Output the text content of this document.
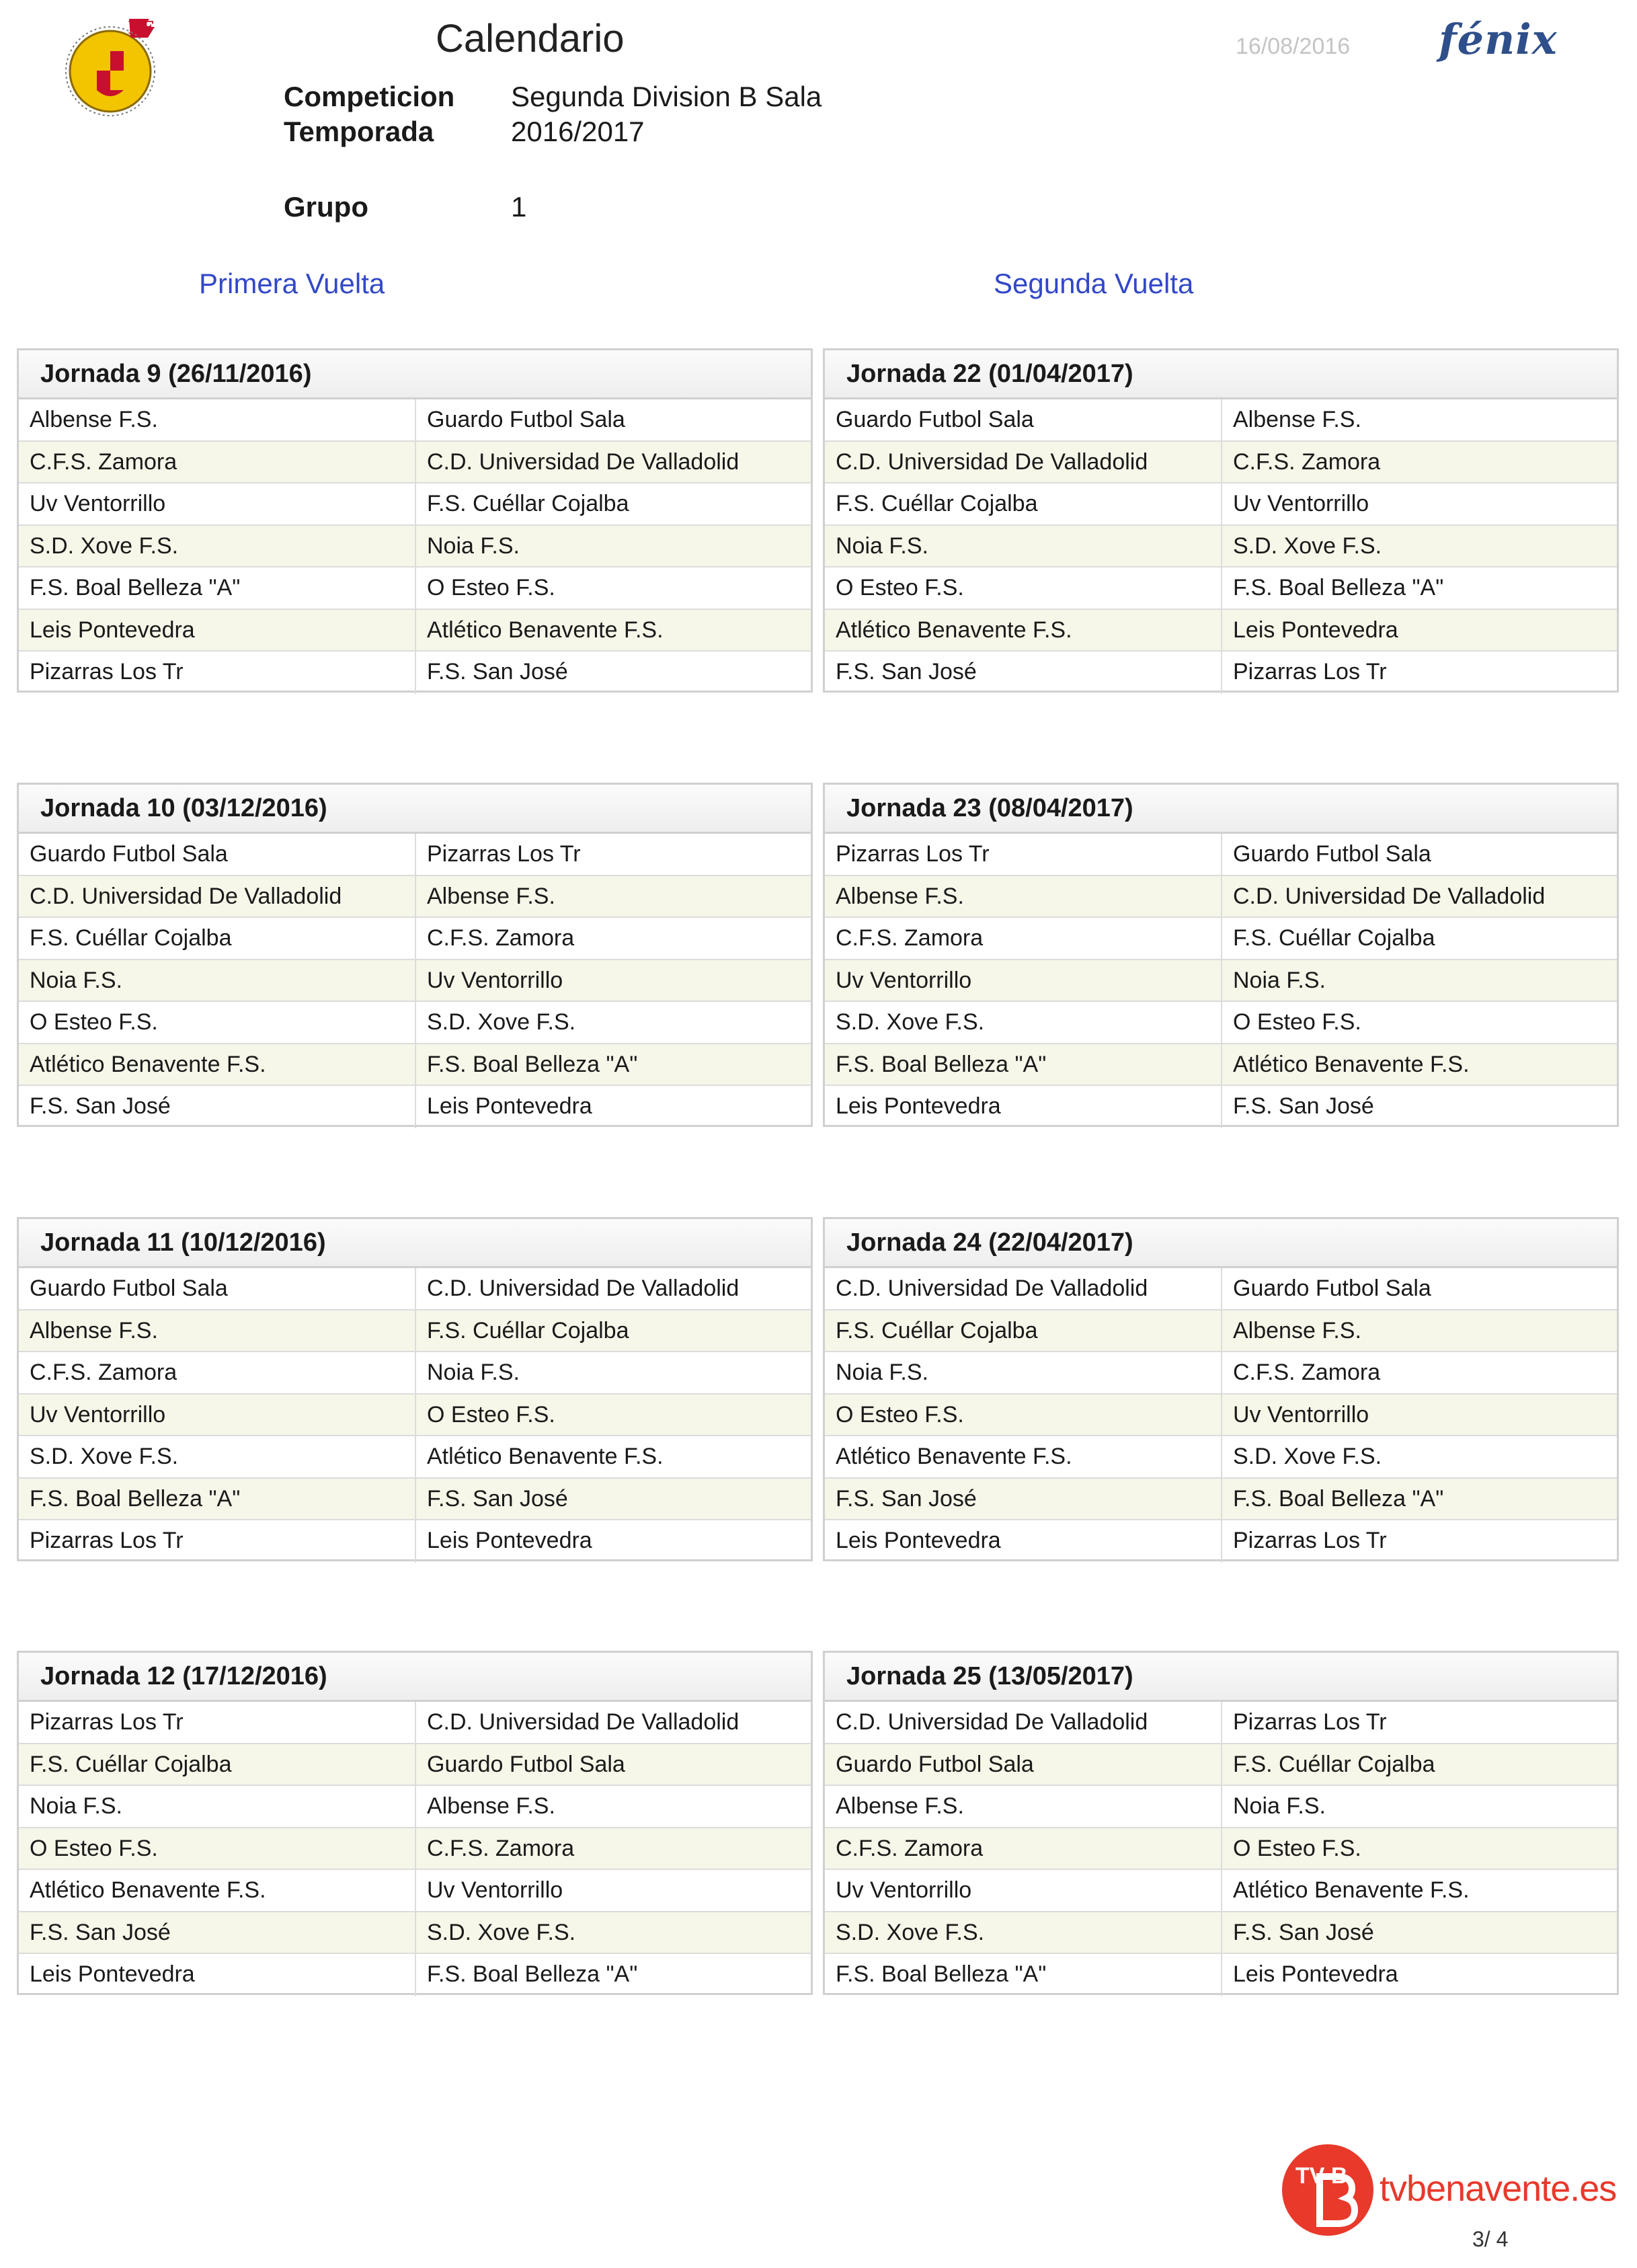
EF	Calendario	16/08/2016 fénix
Competicion Segunda Division B Sala
Temporada	2016/2017
Grupo	1
Primera Vuelta	Segunda Vuelta
Jornada 9 (26/11/2016)
Albense F.S.	Guardo Futbol Sala
C.F.S. Zamora	C.D. Universidad De Valladolid
Uv Ventorrillo	F.S. Cuéllar Cojalba
S.D. Xove F.S.	Noia F.S.
F.S. Boal Belleza "A"	O Esteo F.S.
Leis Pontevedra	Atlético Benavente F.S.
Pizarras Los Tr	F.S. San José
Jornada 22 (01/04/2017)
Guardo Futbol Sala	Albense F.S.
C.D. Universidad De Valladolid	C.F.S. Zamora
F.S. Cuéllar Cojalba	Uv Ventorrillo
Noia F.S.	S.D. Xove F.S.
O Esteo F.S.	F.S. Boal Belleza "A"
Atlético Benavente F.S.	Leis Pontevedra
F.S. San José	Pizarras Los Tr
Jornada 10 (03/12/2016)
Guardo Futbol Sala	Pizarras Los Tr
C.D. Universidad De Valladolid	Albense F.S.
F.S. Cuéllar Cojalba	C.F.S. Zamora
Noia F.S.	Uv Ventorrillo
O Esteo F.S.	S.D. Xove F.S.
Atlético Benavente F.S.	F.S. Boal Belleza "A"
F.S. San José	Leis Pontevedra
Jornada 23 (08/04/2017)
Pizarras Los Tr	Guardo Futbol Sala
Albense F.S.	C.D. Universidad De Valladolid
C.F.S. Zamora	F.S. Cuéllar Cojalba
Uv Ventorrillo	Noia F.S.
S.D. Xove F.S.	O Esteo F.S.
F.S. Boal Belleza "A"	Atlético Benavente F.S.
Leis Pontevedra	F.S. San José
Jornada 11 (10/12/2016)
Guardo Futbol Sala	C.D. Universidad De Valladolid
Albense F.S.	F.S. Cuéllar Cojalba
C.F.S. Zamora	Noia F.S.
Uv Ventorrillo	O Esteo F.S.
S.D. Xove F.S.	Atlético Benavente F.S.
F.S. Boal Belleza "A"	F.S. San José
Pizarras Los Tr	Leis Pontevedra
Jornada 24 (22/04/2017)
C.D. Universidad De Valladolid	Guardo Futbol Sala
F.S. Cuéllar Cojalba	Albense F.S.
Noia F.S.	C.F.S. Zamora
O Esteo F.S.	Uv Ventorrillo
Atlético Benavente F.S.	S.D. Xove F.S.
F.S. San José	F.S. Boal Belleza "A"
Leis Pontevedra	Pizarras Los Tr
Jornada 12 (17/12/2016)
Pizarras Los Tr	C.D. Universidad De Valladolid
F.S. Cuéllar Cojalba	Guardo Futbol Sala
Noia F.S.	Albense F.S.
O Esteo F.S.	C.F.S. Zamora
Atlético Benavente F.S.	Uv Ventorrillo
F.S. San José	S.D. Xove F.S.
Leis Pontevedra	F.S. Boal Belleza "A"
Jornada 25 (13/05/2017)
C.D. Universidad De Valladolid	Pizarras Los Tr
Guardo Futbol Sala	F.S. Cuéllar Cojalba
Albense F.S.	Noia F.S.
C.F.S. Zamora	O Esteo F.S.
Uv Ventorrillo	Atlético Benavente F.S.
S.D. Xove F.S.	F.S. San José
F.S. Boal Belleza "A"	Leis Pontevedra
TV B tvbenavente.es
3/ 4
